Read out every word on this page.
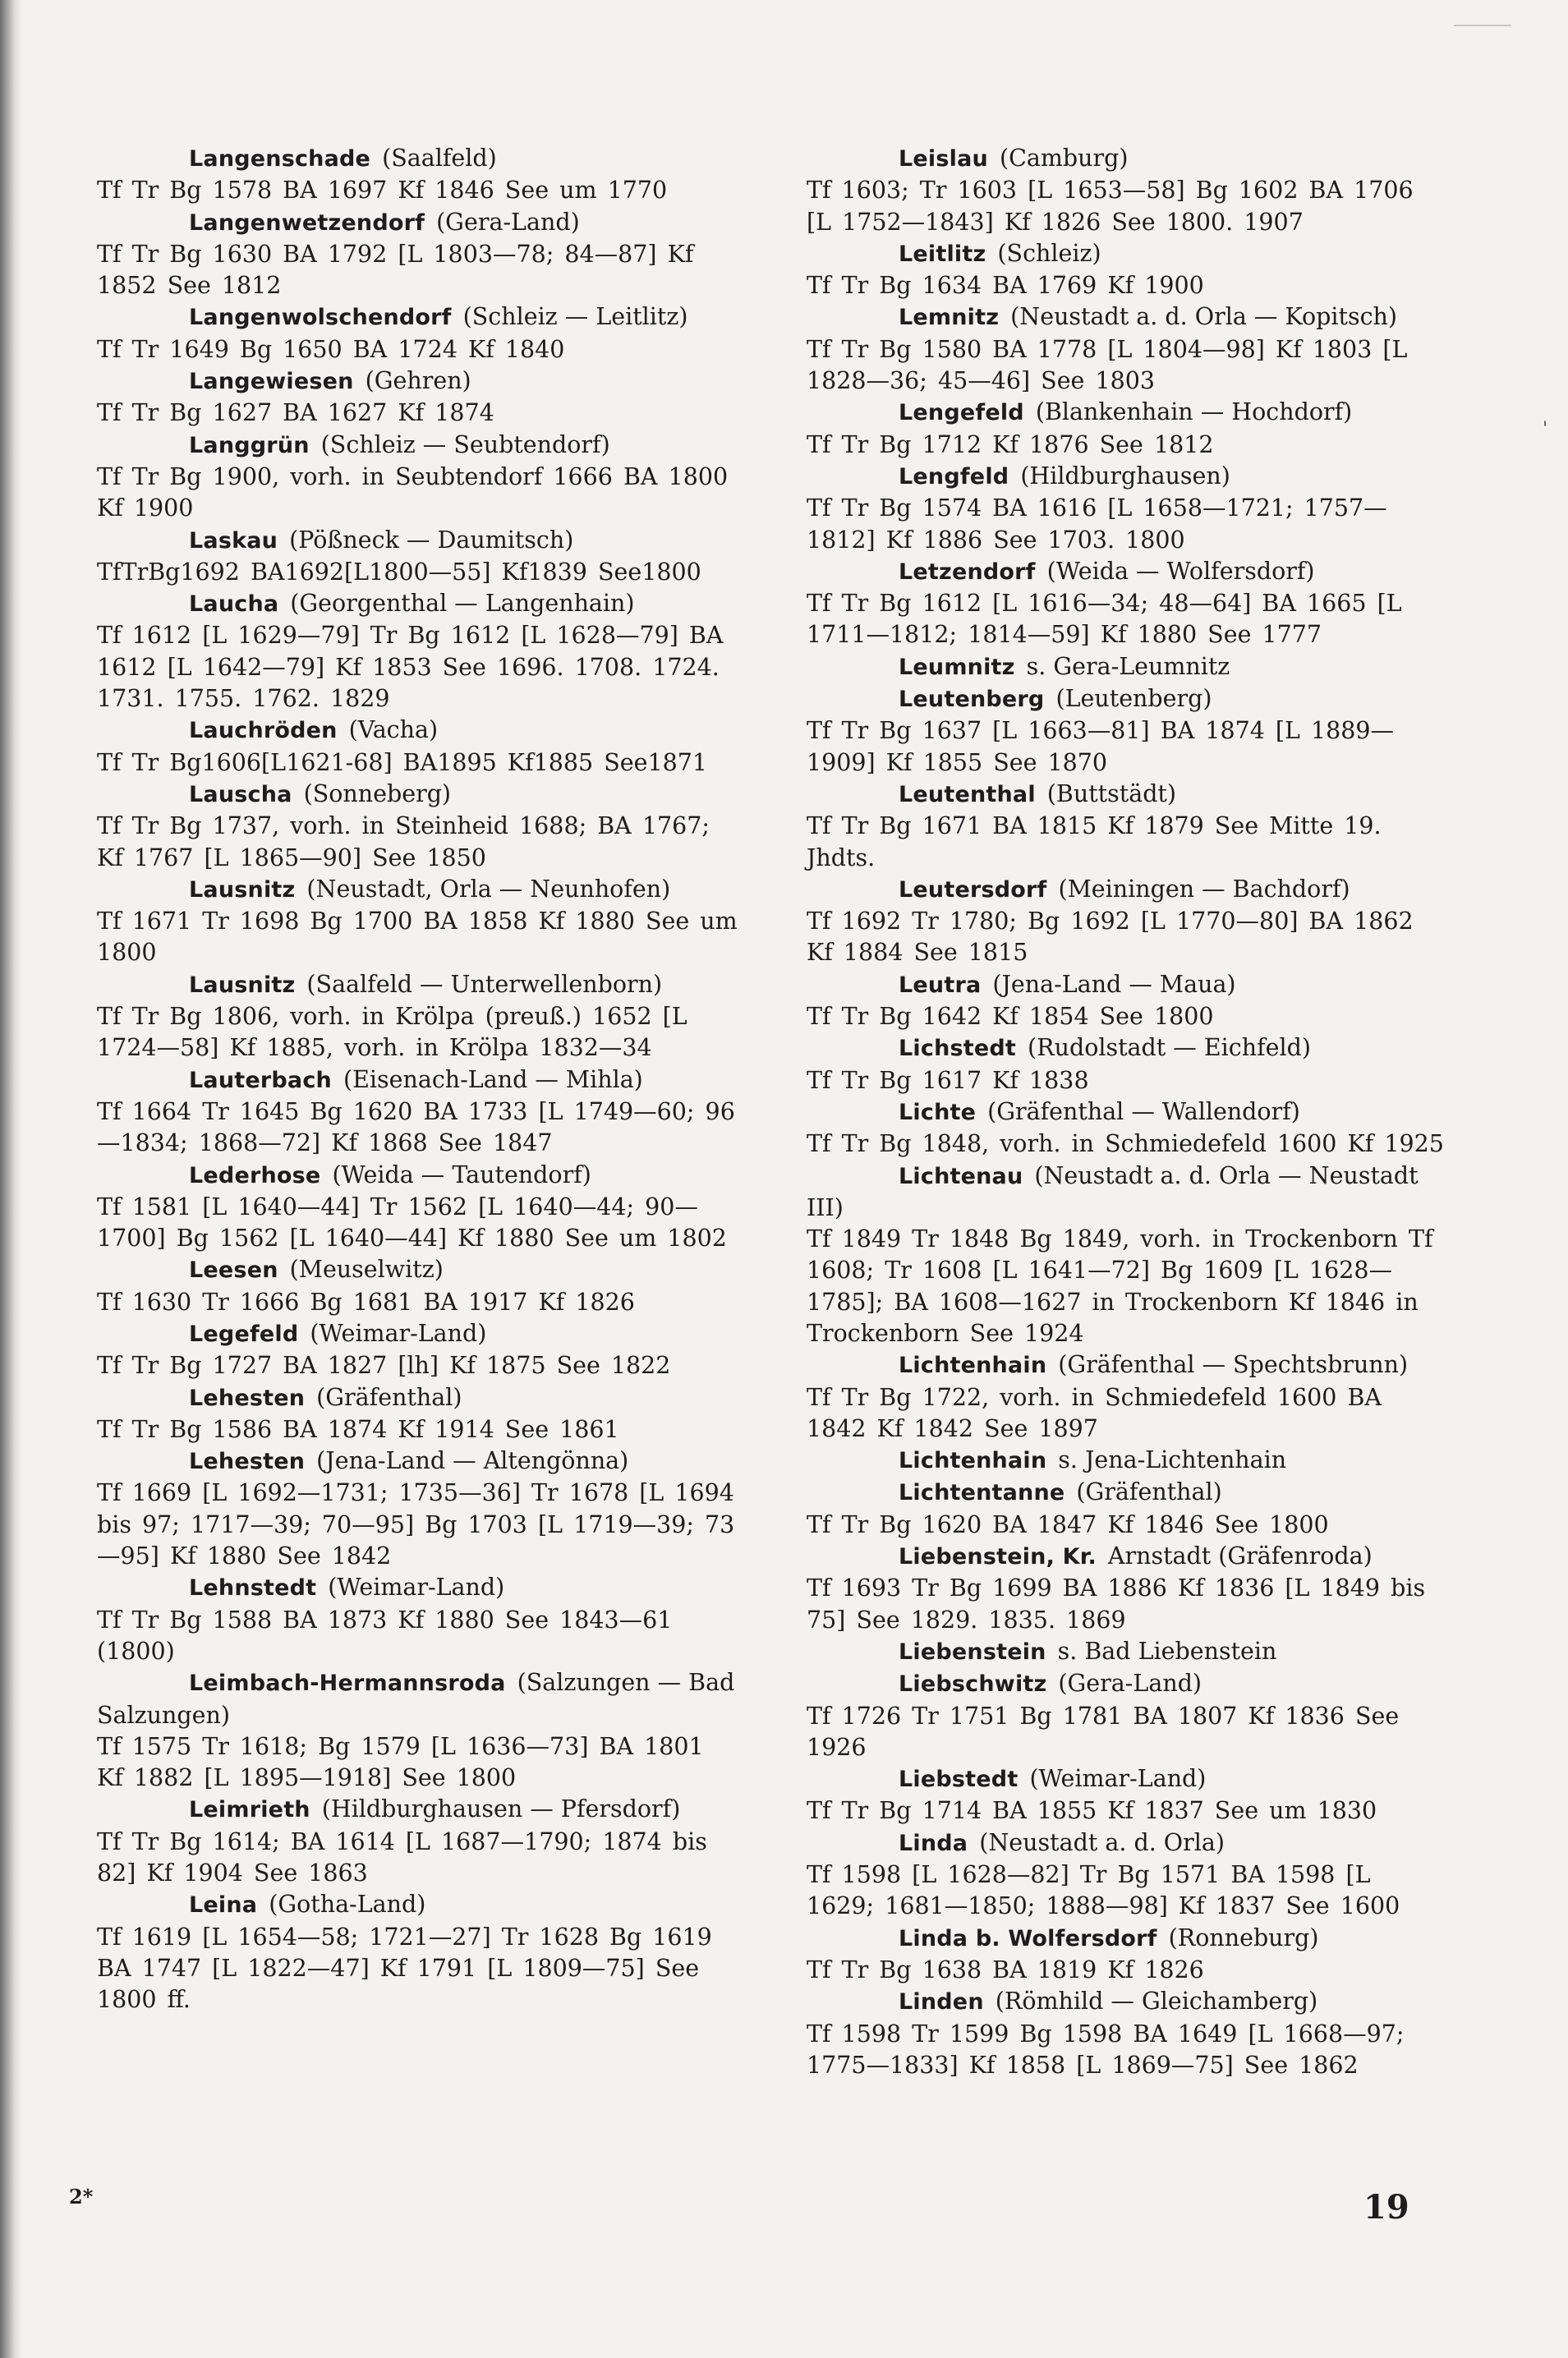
'
Langenschade (Saalfeld)
Tf Tr Bg 1578 BA 1697 Kf 1846 See um 1770
Langenwetzendorf (Gera-Land)
Tf Tr Bg 1630 BA 1792 [L 1803—78; 84—87] Kf 1852 See 1812
Langenwolschendorf (Schleiz — Leitlitz)
Tf Tr 1649 Bg 1650 BA 1724 Kf 1840
Langewiesen (Gehren)
Tf Tr Bg 1627 BA 1627 Kf 1874
Langgrün (Schleiz — Seubtendorf)
Tf Tr Bg 1900, vorh. in Seubtendorf 1666 BA 1800 Kf 1900
Laskau (Pößneck — Daumitsch)
TfTrBg1692 BA1692[L1800—55] Kf1839 See1800
Laucha (Georgenthal — Langenhain)
Tf 1612 [L 1629—79] Tr Bg 1612 [L 1628—79] BA 1612 [L 1642—79] Kf 1853 See 1696. 1708. 1724. 1731. 1755. 1762. 1829
Lauchröden (Vacha)
Tf Tr Bg1606[L1621-68] BA1895 Kf1885 See1871
Lauscha (Sonneberg)
Tf Tr Bg 1737, vorh. in Steinheid 1688; BA 1767; Kf 1767 [L 1865—90] See 1850
Lausnitz (Neustadt, Orla — Neunhofen)
Tf 1671 Tr 1698 Bg 1700 BA 1858 Kf 1880 See um 1800
Lausnitz (Saalfeld — Unterwellenborn)
Tf Tr Bg 1806, vorh. in Krölpa (preuß.) 1652 [L 1724—58] Kf 1885, vorh. in Krölpa 1832—34
Lauterbach (Eisenach-Land — Mihla)
Tf 1664 Tr 1645 Bg 1620 BA 1733 [L 1749—60; 96—1834; 1868—72] Kf 1868 See 1847
Lederhose (Weida — Tautendorf)
Tf 1581 [L 1640—44] Tr 1562 [L 1640—44; 90—1700] Bg 1562 [L 1640—44] Kf 1880 See um 1802
Leesen (Meuselwitz)
Tf 1630 Tr 1666 Bg 1681 BA 1917 Kf 1826
Legefeld (Weimar-Land)
Tf Tr Bg 1727 BA 1827 [lh] Kf 1875 See 1822
Lehesten (Gräfenthal)
Tf Tr Bg 1586 BA 1874 Kf 1914 See 1861
Lehesten (Jena-Land — Altengönna)
Tf 1669 [L 1692—1731; 1735—36] Tr 1678 [L 1694 bis 97; 1717—39; 70—95] Bg 1703 [L 1719—39; 73—95] Kf 1880 See 1842
Lehnstedt (Weimar-Land)
Tf Tr Bg 1588 BA 1873 Kf 1880 See 1843—61 (1800)
Leimbach-Hermannsroda (Salzungen — Bad Salzungen)
Tf 1575 Tr 1618; Bg 1579 [L 1636—73] BA 1801 Kf 1882 [L 1895—1918] See 1800
Leimrieth (Hildburghausen — Pfersdorf)
Tf Tr Bg 1614; BA 1614 [L 1687—1790; 1874 bis 82] Kf 1904 See 1863
Leina (Gotha-Land)
Tf 1619 [L 1654—58; 1721—27] Tr 1628 Bg 1619 BA 1747 [L 1822—47] Kf 1791 [L 1809—75] See 1800 ff.
Leislau (Camburg)
Tf 1603; Tr 1603 [L 1653—58] Bg 1602 BA 1706 [L 1752—1843] Kf 1826 See 1800. 1907
Leitlitz (Schleiz)
Tf Tr Bg 1634 BA 1769 Kf 1900
Lemnitz (Neustadt a. d. Orla — Kopitsch)
Tf Tr Bg 1580 BA 1778 [L 1804—98] Kf 1803 [L 1828—36; 45—46] See 1803
Lengefeld (Blankenhain — Hochdorf)
Tf Tr Bg 1712 Kf 1876 See 1812
Lengfeld (Hildburghausen)
Tf Tr Bg 1574 BA 1616 [L 1658—1721; 1757—1812] Kf 1886 See 1703. 1800
Letzendorf (Weida — Wolfersdorf)
Tf Tr Bg 1612 [L 1616—34; 48—64] BA 1665 [L 1711—1812; 1814—59] Kf 1880 See 1777
Leumnitz s. Gera-Leumnitz
Leutenberg (Leutenberg)
Tf Tr Bg 1637 [L 1663—81] BA 1874 [L 1889—1909] Kf 1855 See 1870
Leutenthal (Buttstädt)
Tf Tr Bg 1671 BA 1815 Kf 1879 See Mitte 19. Jhdts.
Leutersdorf (Meiningen — Bachdorf)
Tf 1692 Tr 1780; Bg 1692 [L 1770—80] BA 1862 Kf 1884 See 1815
Leutra (Jena-Land — Maua)
Tf Tr Bg 1642 Kf 1854 See 1800
Lichstedt (Rudolstadt — Eichfeld)
Tf Tr Bg 1617 Kf 1838
Lichte (Gräfenthal — Wallendorf)
Tf Tr Bg 1848, vorh. in Schmiedefeld 1600 Kf 1925
Lichtenau (Neustadt a. d. Orla — Neustadt III)
Tf 1849 Tr 1848 Bg 1849, vorh. in Trockenborn Tf 1608; Tr 1608 [L 1641—72] Bg 1609 [L 1628—1785]; BA 1608—1627 in Trockenborn Kf 1846 in Trockenborn See 1924
Lichtenhain (Gräfenthal — Spechtsbrunn)
Tf Tr Bg 1722, vorh. in Schmiedefeld 1600 BA 1842 Kf 1842 See 1897
Lichtenhain s. Jena-Lichtenhain
Lichtentanne (Gräfenthal)
Tf Tr Bg 1620 BA 1847 Kf 1846 See 1800
Liebenstein, Kr. Arnstadt (Gräfenroda)
Tf 1693 Tr Bg 1699 BA 1886 Kf 1836 [L 1849 bis 75] See 1829. 1835. 1869
Liebenstein s. Bad Liebenstein
Liebschwitz (Gera-Land)
Tf 1726 Tr 1751 Bg 1781 BA 1807 Kf 1836 See 1926
Liebstedt (Weimar-Land)
Tf Tr Bg 1714 BA 1855 Kf 1837 See um 1830
Linda (Neustadt a. d. Orla)
Tf 1598 [L 1628—82] Tr Bg 1571 BA 1598 [L 1629; 1681—1850; 1888—98] Kf 1837 See 1600
Linda b. Wolfersdorf (Ronneburg)
Tf Tr Bg 1638 BA 1819 Kf 1826
Linden (Römhild — Gleichamberg)
Tf 1598 Tr 1599 Bg 1598 BA 1649 [L 1668—97; 1775—1833] Kf 1858 [L 1869—75] See 1862
2*	19
